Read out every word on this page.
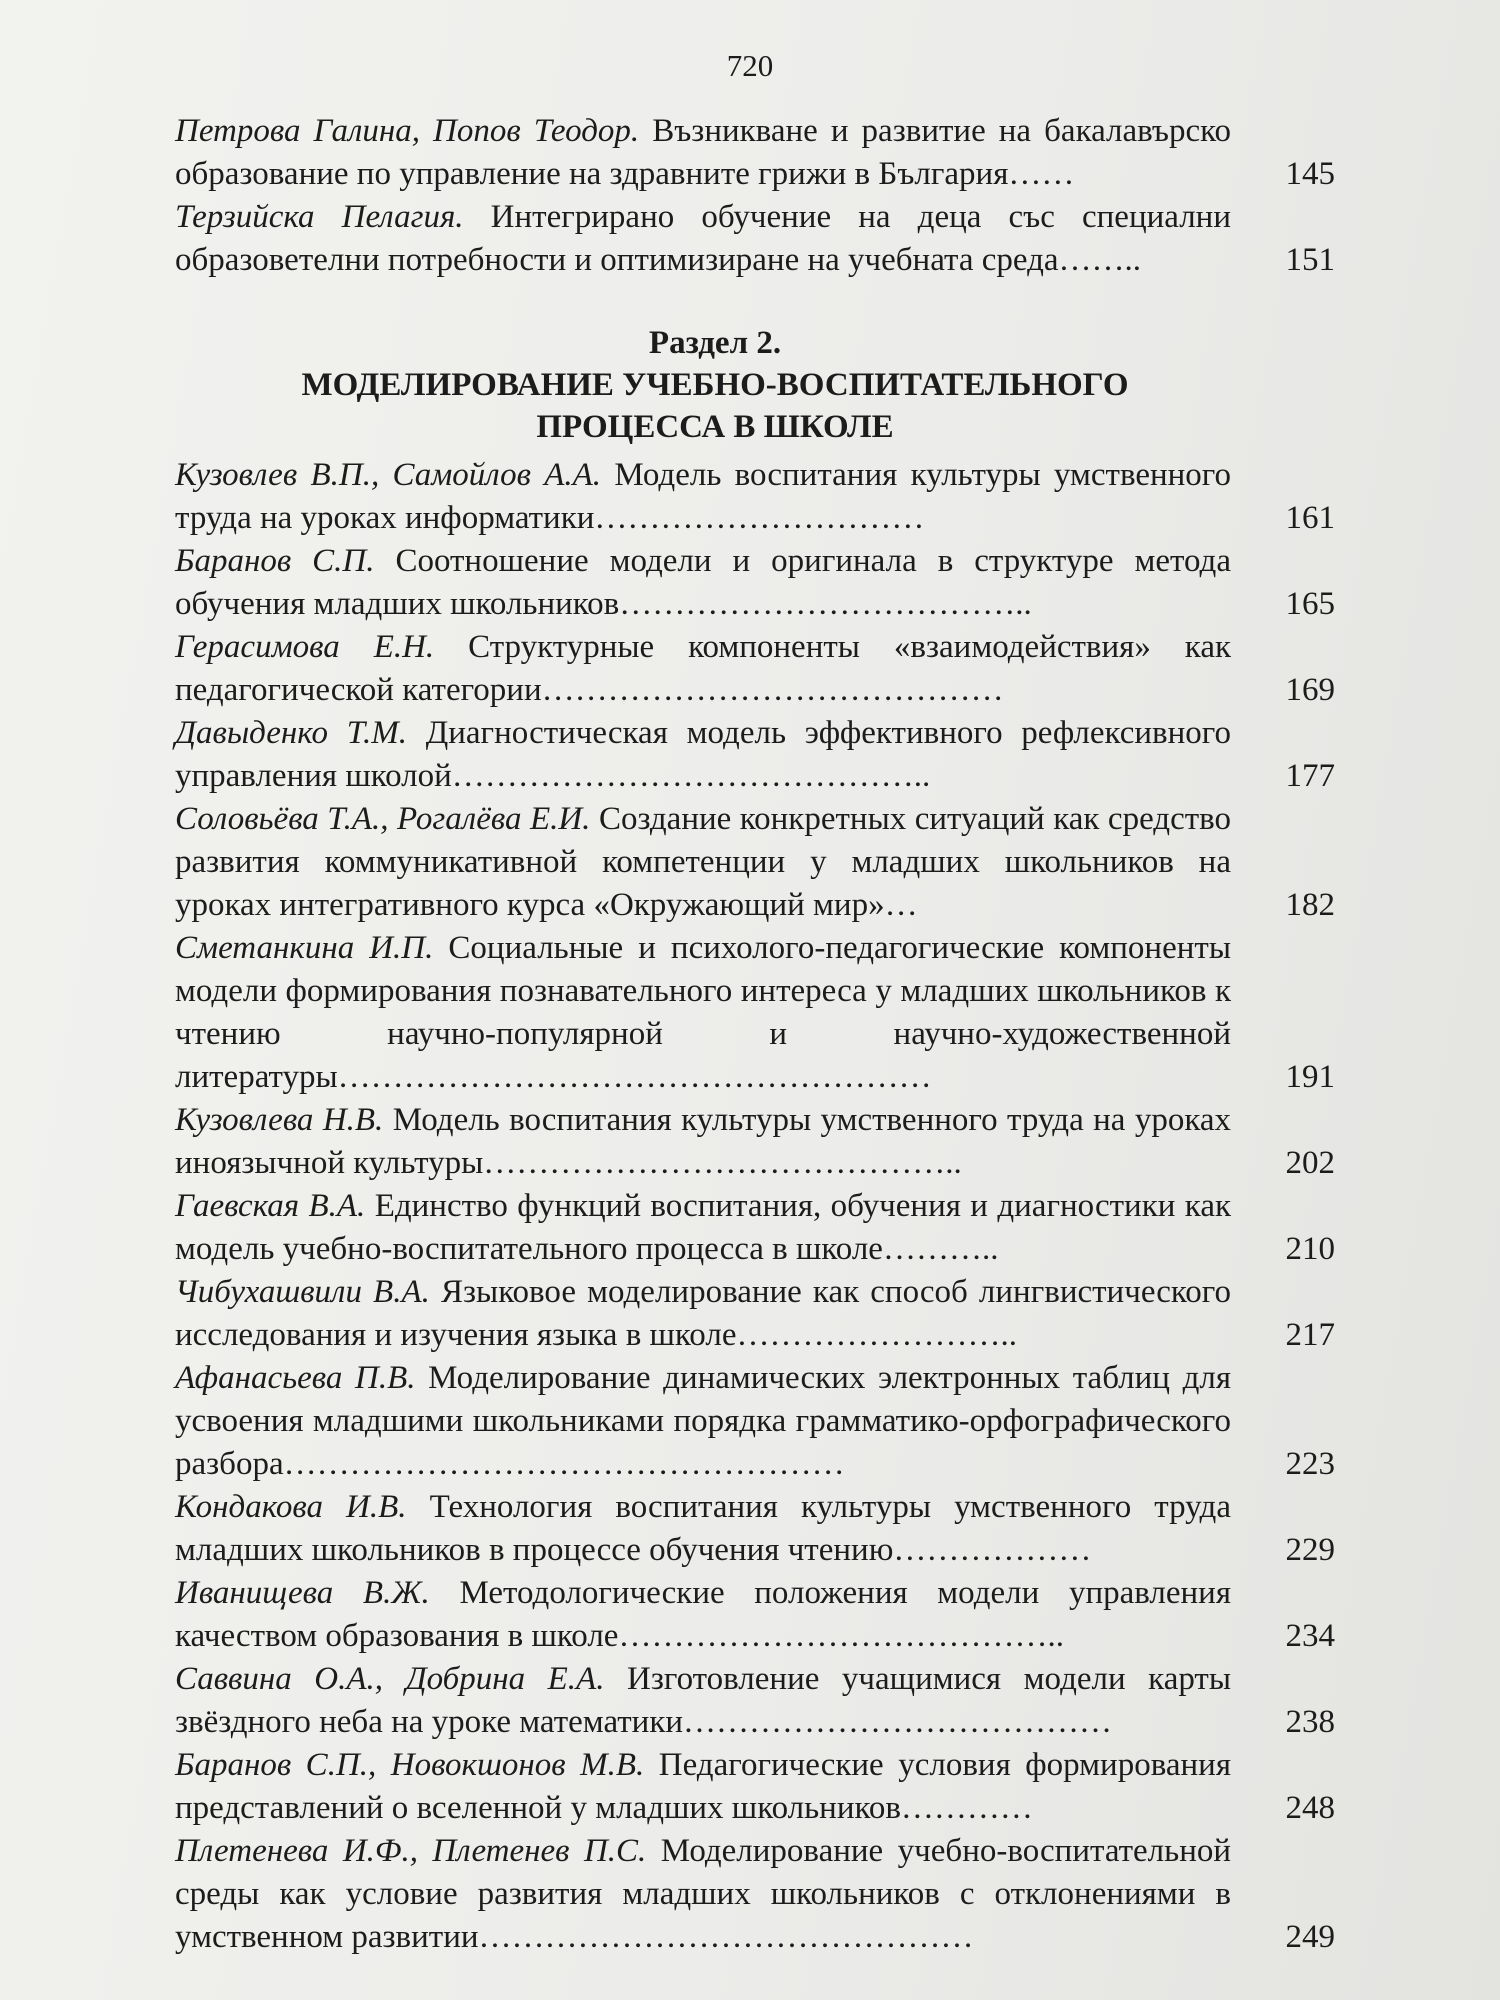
720
Петрова Галина, Попов Теодор. Възникване и развитие на бакалавърско образование по управление на здравните грижи в България……	145
Терзийска Пелагия. Интегрирано обучение на деца със специални образоветелни потребности и оптимизиране на учебната среда……..	151
Раздел 2.
МОДЕЛИРОВАНИЕ УЧЕБНО-ВОСПИТАТЕЛЬНОГО
ПРОЦЕССА В ШКОЛЕ
Кузовлев В.П., Самойлов А.А. Модель воспитания культуры умственного труда на уроках информатики…………………………	161
Баранов С.П. Соотношение модели и оригинала в структуре метода обучения младших школьников………………………………..	165
Герасимова Е.Н. Структурные компоненты «взаимодействия» как педагогической категории……………………………………	169
Давыденко Т.М. Диагностическая модель эффективного рефлексивного управления школой……………………………………..	177
Соловьёва Т.А., Рогалёва Е.И. Создание конкретных ситуаций как средство развития коммуникативной компетенции у младших школьников на уроках интегративного курса «Окружающий мир»…	182
Сметанкина И.П. Социальные и психолого-педагогические компоненты модели формирования познавательного интереса у младших школьников к чтению научно-популярной и научно-художественной литературы………………………………………………	191
Кузовлева Н.В. Модель воспитания культуры умственного труда на уроках иноязычной культуры……………………………………..	202
Гаевская В.А. Единство функций воспитания, обучения и диагностики как модель учебно-воспитательного процесса в школе………..	210
Чибухашвили В.А. Языковое моделирование как способ лингвистического исследования и изучения языка в школе……………………..	217
Афанасьева П.В. Моделирование динамических электронных таблиц для усвоения младшими школьниками порядка грамматико-орфографического разбора……………………………………………	223
Кондакова И.В. Технология воспитания культуры умственного труда младших школьников в процессе обучения чтению………………	229
Иванищева В.Ж. Методологические положения модели управления качеством образования в школе…………………………………..	234
Саввина О.А., Добрина Е.А. Изготовление учащимися модели карты звёздного неба на уроке математики…………………………………	238
Баранов С.П., Новокшонов М.В. Педагогические условия формирования представлений о вселенной у младших школьников…………	248
Плетенева И.Ф., Плетенев П.С. Моделирование учебно-воспитательной среды как условие развития младших школьников с отклонениями в умственном развитии………………………………………	249
